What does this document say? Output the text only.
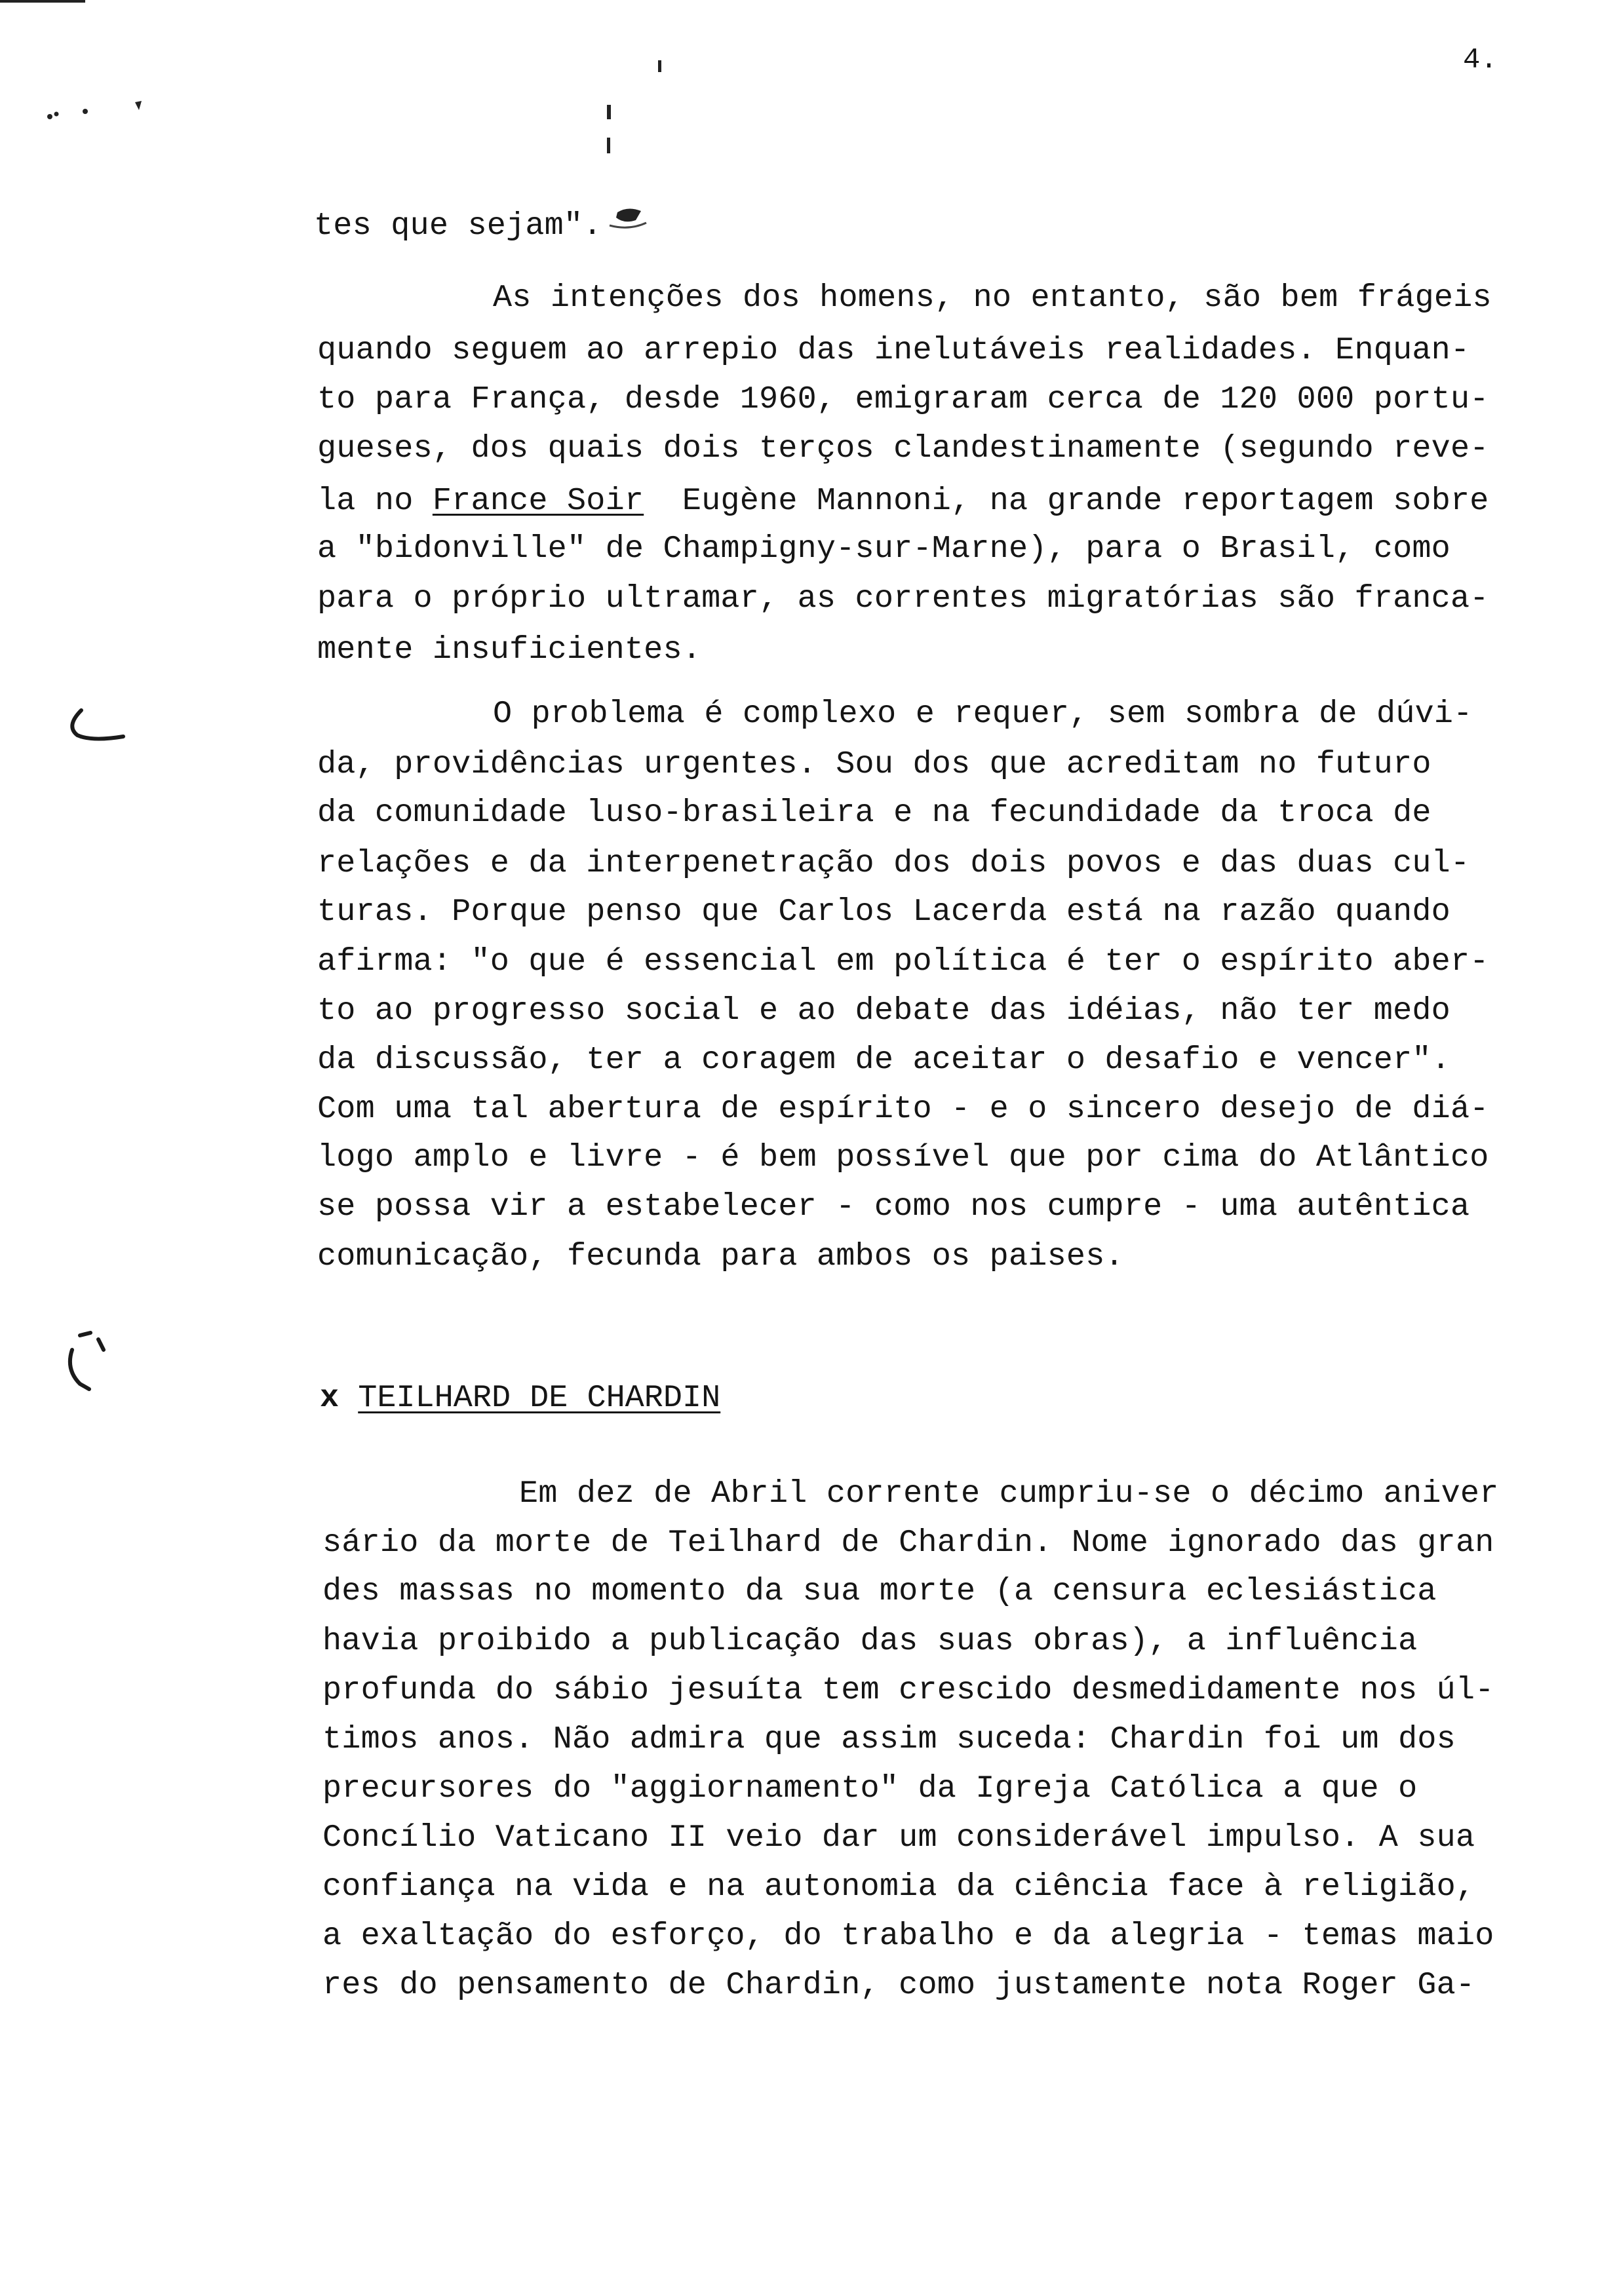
4.
tes que sejam".
As intenções dos homens, no entanto, são bem frágeis
quando seguem ao arrepio das inelutáveis realidades. Enquan-
to para França, desde 1960, emigraram cerca de 120 000 portu-
gueses, dos quais dois terços clandestinamente (segundo reve-
la no France Soir  Eugène Mannoni, na grande reportagem sobre
a "bidonville" de Champigny-sur-Marne), para o Brasil, como
para o próprio ultramar, as correntes migratórias são franca-
mente insuficientes.
O problema é complexo e requer, sem sombra de dúvi-
da, providências urgentes. Sou dos que acreditam no futuro
da comunidade luso-brasileira e na fecundidade da troca de
relações e da interpenetração dos dois povos e das duas cul-
turas. Porque penso que Carlos Lacerda está na razão quando
afirma: "o que é essencial em política é ter o espírito aber-
to ao progresso social e ao debate das idéias, não ter medo
da discussão, ter a coragem de aceitar o desafio e vencer".
Com uma tal abertura de espírito - e o sincero desejo de diá-
logo amplo e livre - é bem possível que por cima do Atlântico
se possa vir a estabelecer - como nos cumpre - uma autêntica
comunicação, fecunda para ambos os paises.
x TEILHARD DE CHARDIN
Em dez de Abril corrente cumpriu-se o décimo aniver
sário da morte de Teilhard de Chardin. Nome ignorado das gran
des massas no momento da sua morte (a censura eclesiástica
havia proibido a publicação das suas obras), a influência
profunda do sábio jesuíta tem crescido desmedidamente nos úl-
timos anos. Não admira que assim suceda: Chardin foi um dos
precursores do "aggiornamento" da Igreja Católica a que o
Concílio Vaticano II veio dar um considerável impulso. A sua
confiança na vida e na autonomia da ciência face à religião,
a exaltação do esforço, do trabalho e da alegria - temas maio
res do pensamento de Chardin, como justamente nota Roger Ga-
